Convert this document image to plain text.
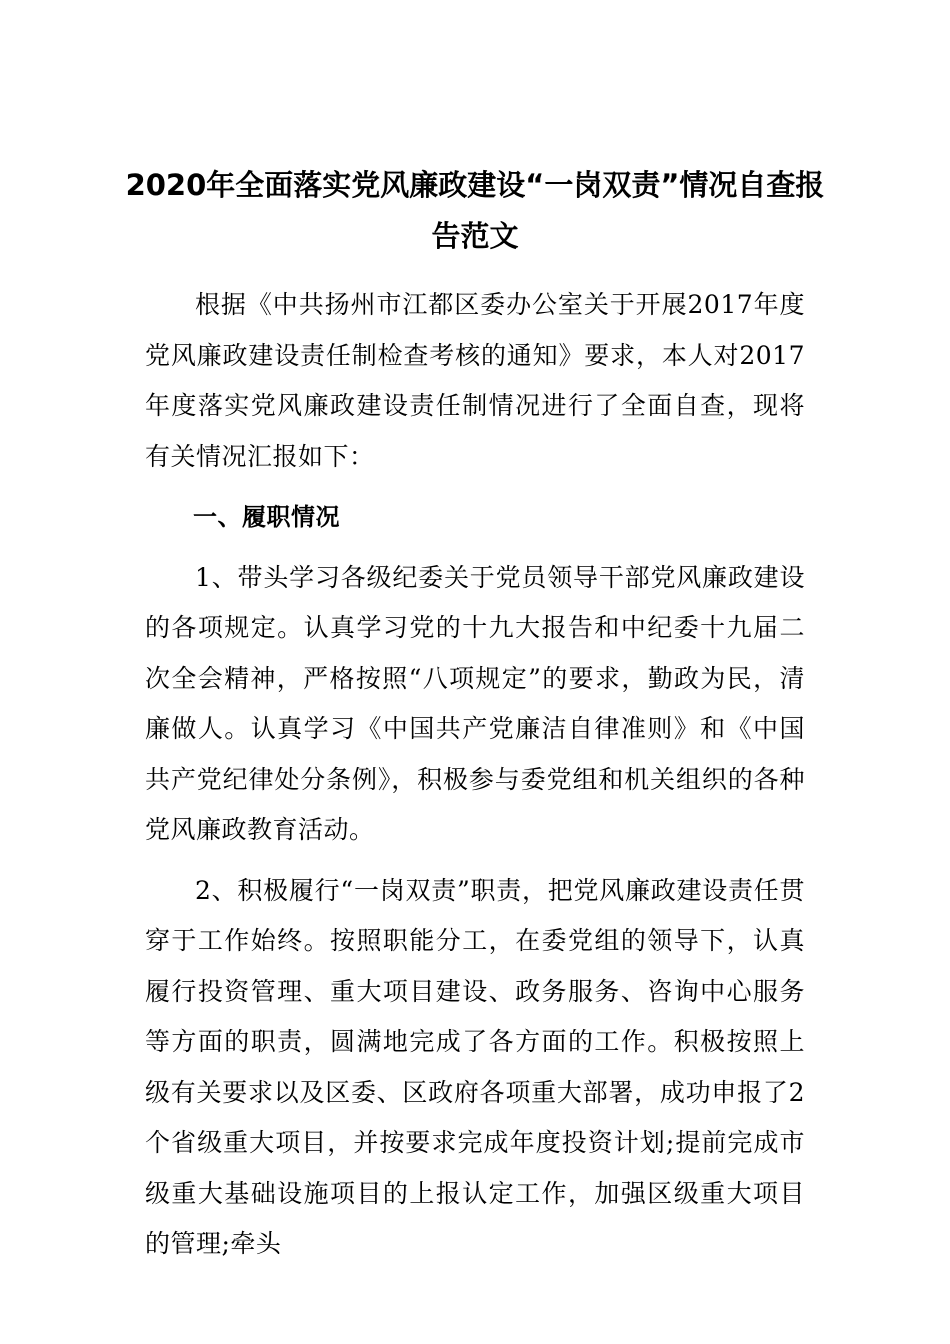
2020年全面落实党风廉政建设“一岗双责”情况自查报告范文

根据《中共扬州市江都区委办公室关于开展2017年度党风廉政建设责任制检查考核的通知》要求，本人对2017年度落实党风廉政建设责任制情况进行了全面自查，现将有关情况汇报如下：

一、履职情况

1、带头学习各级纪委关于党员领导干部党风廉政建设的各项规定。认真学习党的十九大报告和中纪委十九届二次全会精神，严格按照“八项规定”的要求，勤政为民，清廉做人。认真学习《中国共产党廉洁自律准则》和《中国共产党纪律处分条例》，积极参与委党组和机关组织的各种党风廉政教育活动。

2、积极履行“一岗双责”职责，把党风廉政建设责任贯穿于工作始终。按照职能分工，在委党组的领导下，认真履行投资管理、重大项目建设、政务服务、咨询中心服务等方面的职责，圆满地完成了各方面的工作。积极按照上级有关要求以及区委、区政府各项重大部署，成功申报了2个省级重大项目，并按要求完成年度投资计划;提前完成市级重大基础设施项目的上报认定工作，加强区级重大项目的管理;牵头
